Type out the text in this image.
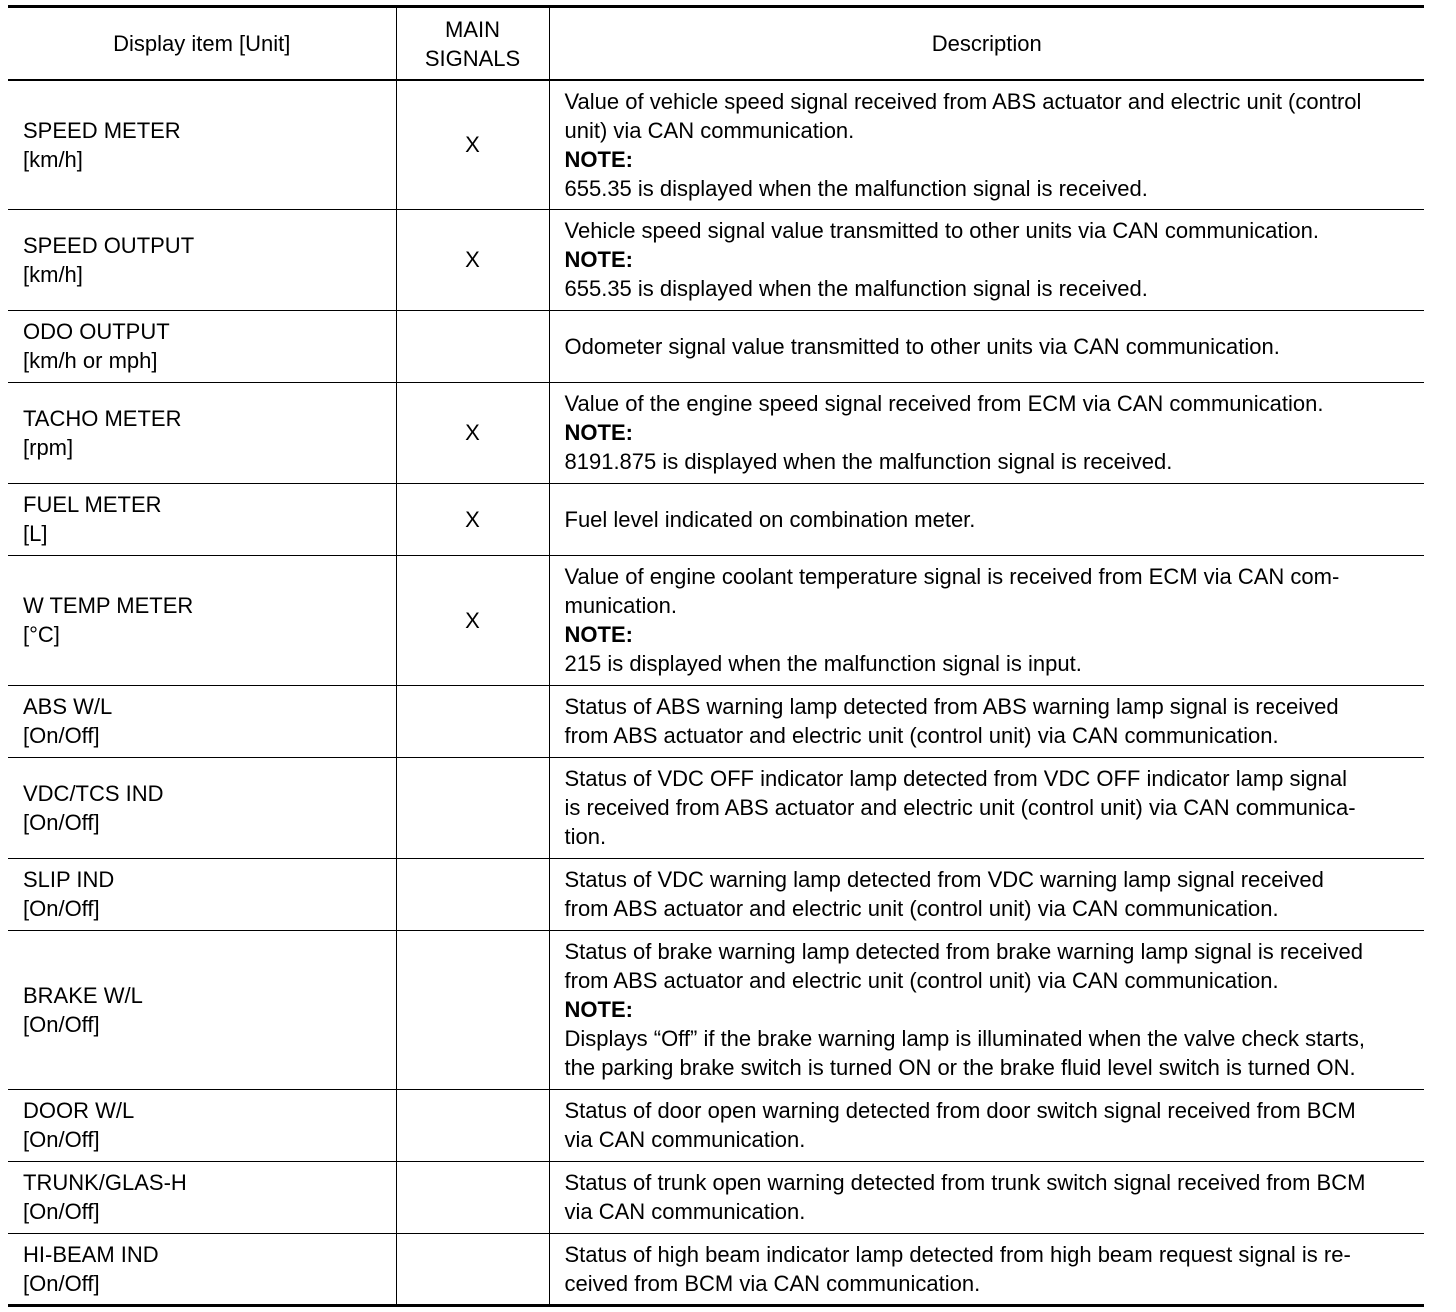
Display item [Unit]	MAIN
SIGNALS	Description

SPEED METER
[km/h]	X	Value of vehicle speed signal received from ABS actuator and electric unit (control
unit) via CAN communication.
NOTE:
655.35 is displayed when the malfunction signal is received.

SPEED OUTPUT
[km/h]	X	Vehicle speed signal value transmitted to other units via CAN communication.
NOTE:
655.35 is displayed when the malfunction signal is received.

ODO OUTPUT
[km/h or mph]		Odometer signal value transmitted to other units via CAN communication.

TACHO METER
[rpm]	X	Value of the engine speed signal received from ECM via CAN communication.
NOTE:
8191.875 is displayed when the malfunction signal is received.

FUEL METER
[L]	X	Fuel level indicated on combination meter.

W TEMP METER
[°C]	X	Value of engine coolant temperature signal is received from ECM via CAN com-
munication.
NOTE:
215 is displayed when the malfunction signal is input.

ABS W/L
[On/Off]		Status of ABS warning lamp detected from ABS warning lamp signal is received
from ABS actuator and electric unit (control unit) via CAN communication.

VDC/TCS IND
[On/Off]		Status of VDC OFF indicator lamp detected from VDC OFF indicator lamp signal
is received from ABS actuator and electric unit (control unit) via CAN communica-
tion.

SLIP IND
[On/Off]		Status of VDC warning lamp detected from VDC warning lamp signal received
from ABS actuator and electric unit (control unit) via CAN communication.

BRAKE W/L
[On/Off]		Status of brake warning lamp detected from brake warning lamp signal is received
from ABS actuator and electric unit (control unit) via CAN communication.
NOTE:
Displays “Off” if the brake warning lamp is illuminated when the valve check starts,
the parking brake switch is turned ON or the brake fluid level switch is turned ON.

DOOR W/L
[On/Off]		Status of door open warning detected from door switch signal received from BCM
via CAN communication.

TRUNK/GLAS-H
[On/Off]		Status of trunk open warning detected from trunk switch signal received from BCM
via CAN communication.

HI-BEAM IND
[On/Off]		Status of high beam indicator lamp detected from high beam request signal is re-
ceived from BCM via CAN communication.
